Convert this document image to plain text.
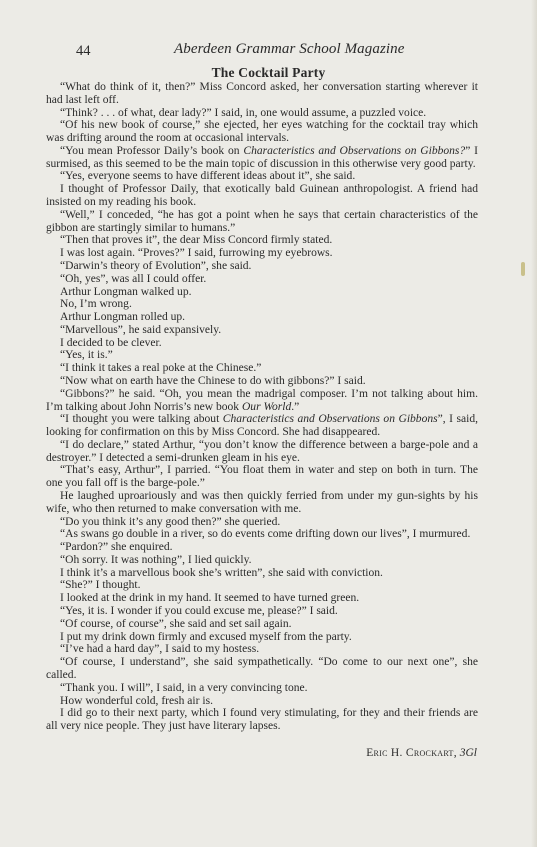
44	Aberdeen Grammar School Magazine
The Cocktail Party

“What do think of it, then?” Miss Concord asked, her conversation starting wherever it had last left off.

“Think? . . . of what, dear lady?” I said, in, one would assume, a puzzled voice.

“Of his new book of course,” she ejected, her eyes watching for the cocktail tray which was drifting around the room at occasional intervals.

“You mean Professor Daily’s book on Characteristics and Observations on Gibbons?” I surmised, as this seemed to be the main topic of discussion in this otherwise very good party.

“Yes, everyone seems to have different ideas about it”, she said.

I thought of Professor Daily, that exotically bald Guinean anthropologist. A friend had insisted on my reading his book.

“Well,” I conceded, “he has got a point when he says that certain characteristics of the gibbon are startingly similar to humans.”

“Then that proves it”, the dear Miss Concord firmly stated.

I was lost again. “Proves?” I said, furrowing my eyebrows.

“Darwin’s theory of Evolution”, she said.

“Oh, yes”, was all I could offer.

Arthur Longman walked up.

No, I’m wrong.

Arthur Longman rolled up.

“Marvellous”, he said expansively.

I decided to be clever.

“Yes, it is.”

“I think it takes a real poke at the Chinese.”

“Now what on earth have the Chinese to do with gibbons?” I said.

“Gibbons?” he said. “Oh, you mean the madrigal composer. I’m not talking about him. I’m talking about John Norris’s new book Our World.”

“I thought you were talking about Characteristics and Observations on Gibbons”, I said, looking for confirmation on this by Miss Concord. She had disappeared.

“I do declare,” stated Arthur, “you don’t know the difference between a barge-pole and a destroyer.” I detected a semi-drunken gleam in his eye.

“That’s easy, Arthur”, I parried. “You float them in water and step on both in turn. The one you fall off is the barge-pole.”

He laughed uproariously and was then quickly ferried from under my gun-sights by his wife, who then returned to make conversation with me.

“Do you think it’s any good then?” she queried.

“As swans go double in a river, so do events come drifting down our lives”, I murmured.

“Pardon?” she enquired.

“Oh sorry. It was nothing”, I lied quickly.

I think it’s a marvellous book she’s written”, she said with conviction.

“She?” I thought.

I looked at the drink in my hand. It seemed to have turned green.

“Yes, it is. I wonder if you could excuse me, please?” I said.

“Of course, of course”, she said and set sail again.

I put my drink down firmly and excused myself from the party.

“I’ve had a hard day”, I said to my hostess.

“Of course, I understand”, she said sympathetically. “Do come to our next one”, she called.

“Thank you. I will”, I said, in a very convincing tone.

How wonderful cold, fresh air is.

I did go to their next party, which I found very stimulating, for they and their friends are all very nice people. They just have literary lapses.

Eric H. Crockart, 3Gl
